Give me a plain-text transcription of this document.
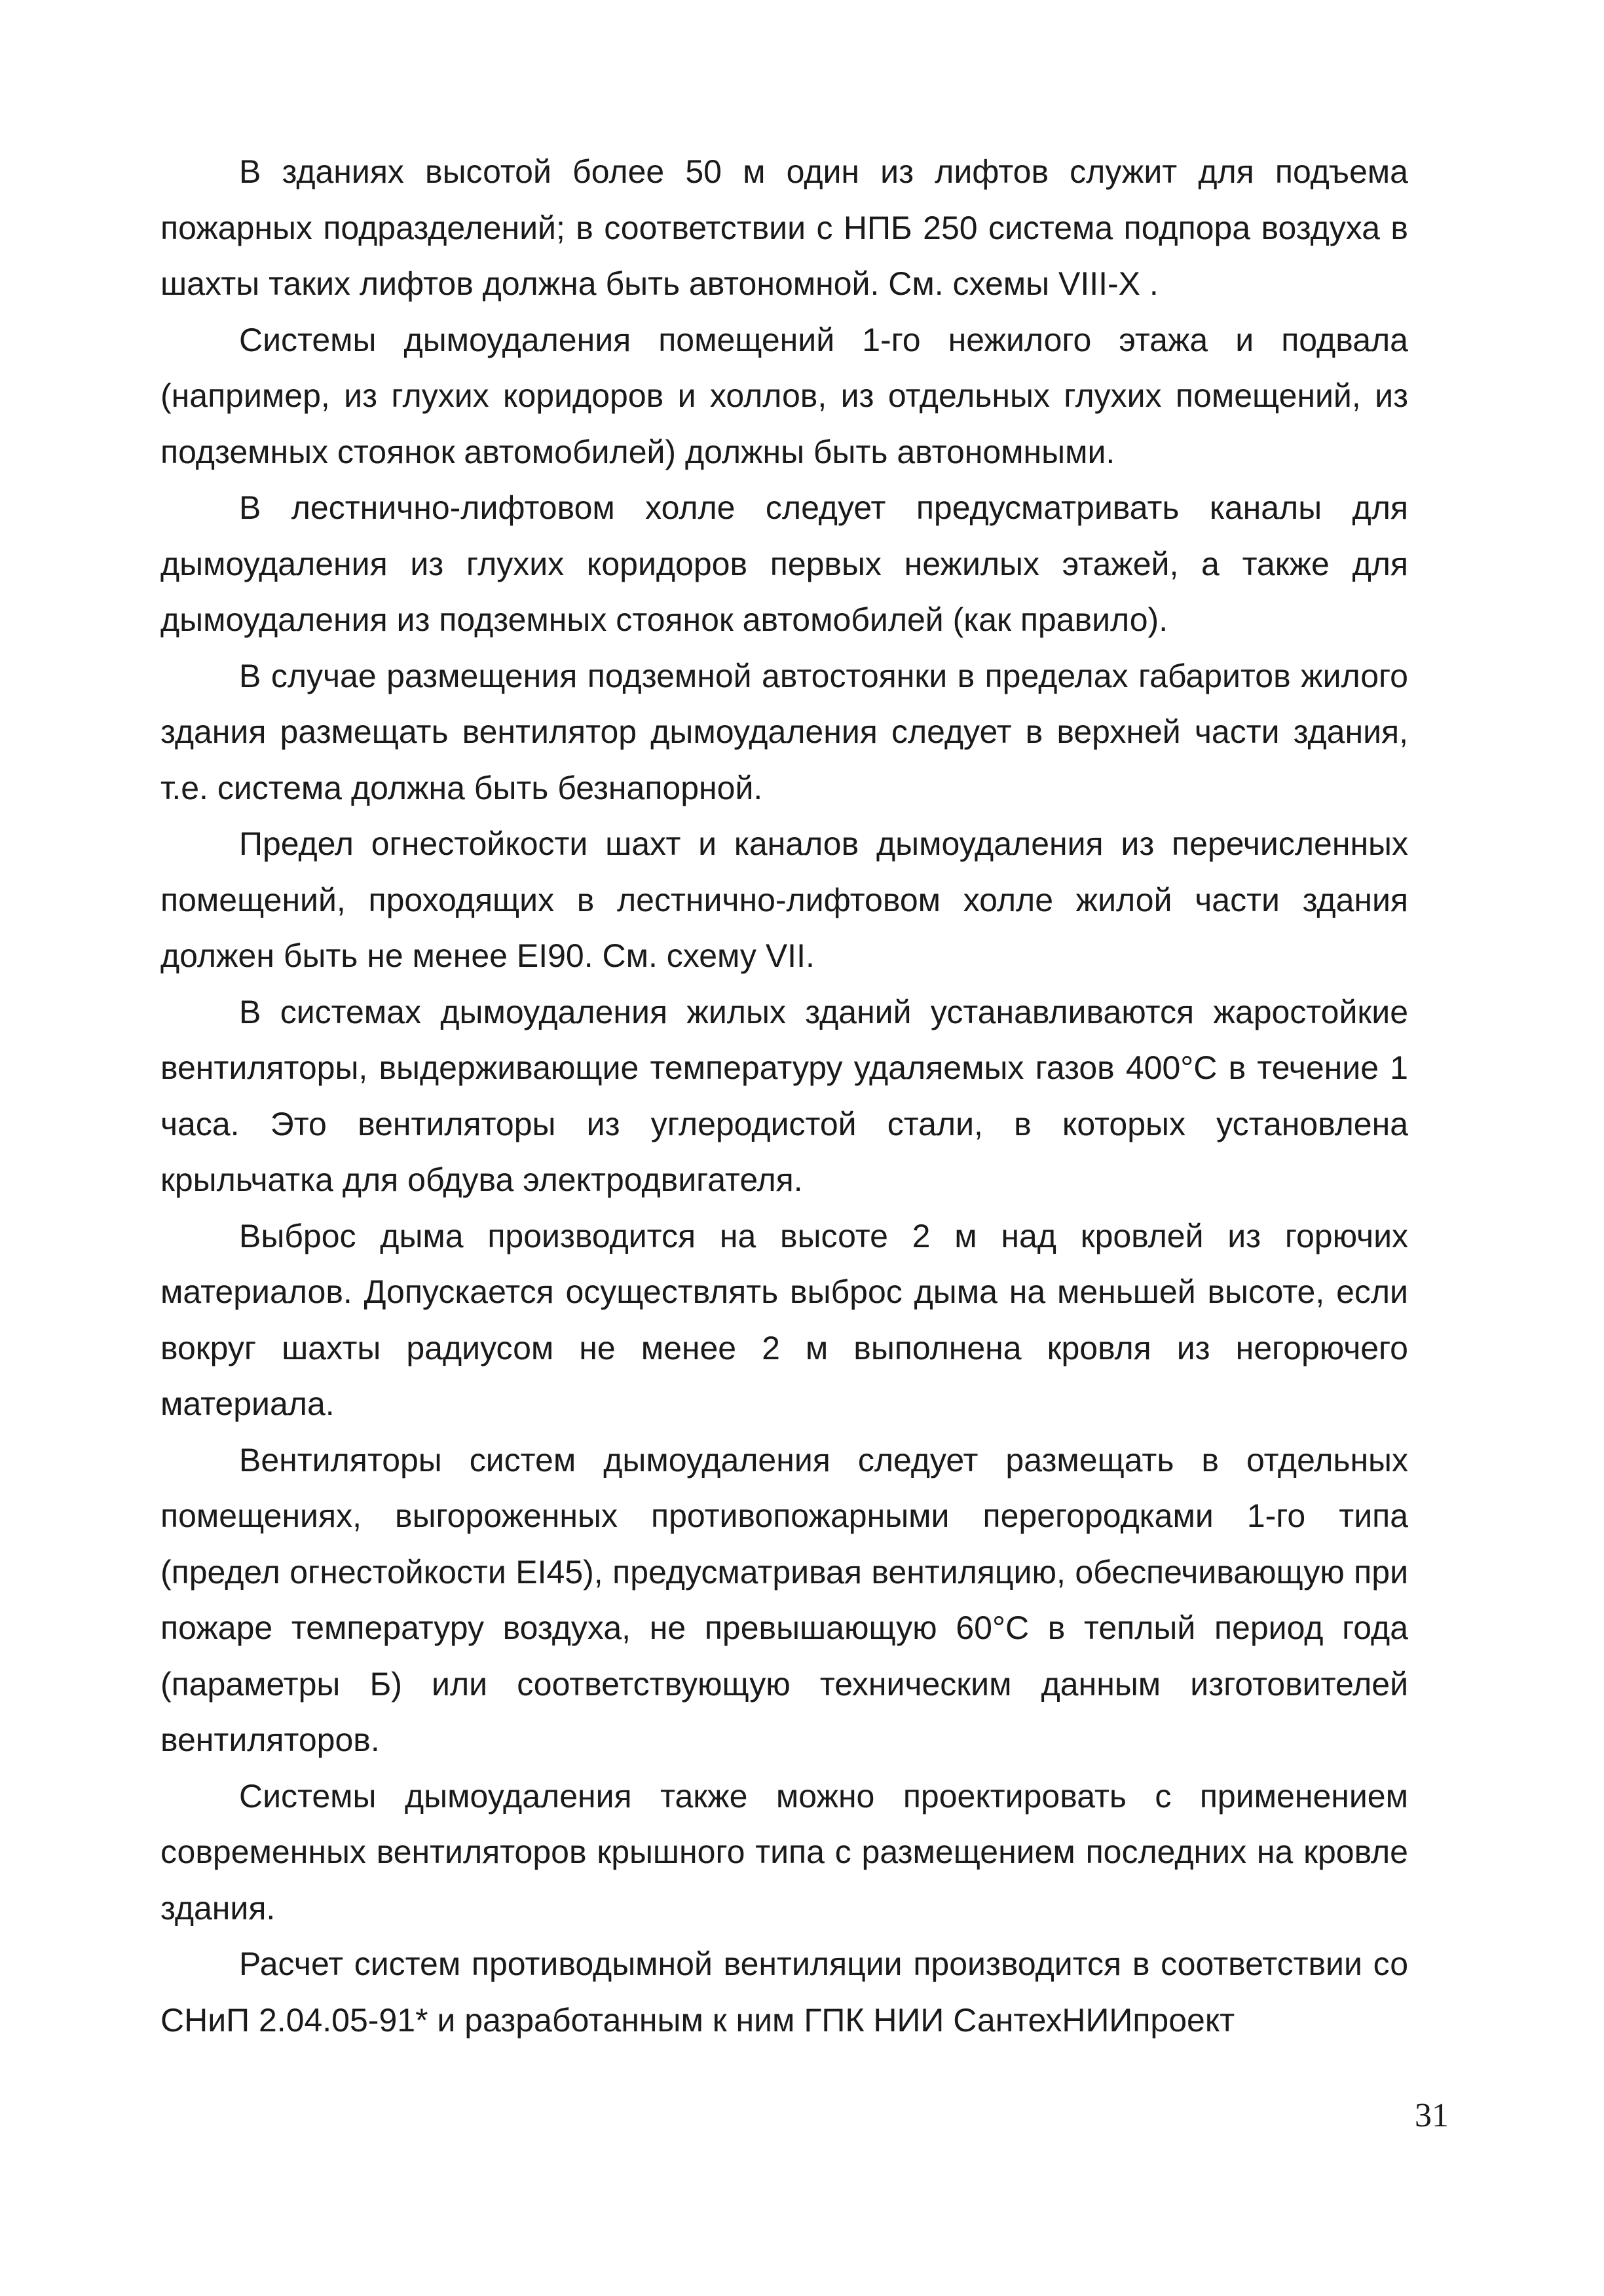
В зданиях высотой более 50 м один из лифтов служит для подъема пожарных подразделений; в соответствии с НПБ 250 система подпора воздуха в шахты таких лифтов должна быть автономной. См. схемы VIII-X .

Системы дымоудаления помещений 1-го нежилого этажа и подвала (например, из глухих коридоров и холлов, из отдельных глухих помещений, из подземных стоянок автомобилей) должны быть автономными.

В лестнично-лифтовом холле следует предусматривать каналы для дымоудаления из глухих коридоров первых нежилых этажей, а также для дымоудаления из подземных стоянок автомобилей (как правило).

В случае размещения подземной автостоянки в пределах габаритов жилого здания размещать вентилятор дымоудаления следует в верхней части здания, т.е. система должна быть безнапорной.

Предел огнестойкости шахт и каналов дымоудаления из перечисленных помещений, проходящих в лестнично-лифтовом холле жилой части здания должен быть не менее EI90. См. схему VII.

В системах дымоудаления жилых зданий устанавливаются жаростойкие вентиляторы, выдерживающие температуру удаляемых газов 400°С в течение 1 часа. Это вентиляторы из углеродистой стали, в которых установлена крыльчатка для обдува электродвигателя.

Выброс дыма производится на высоте 2 м над кровлей из горючих материалов. Допускается осуществлять выброс дыма на меньшей высоте, если вокруг шахты радиусом не менее 2 м выполнена кровля из негорючего материала.

Вентиляторы систем дымоудаления следует размещать в отдельных помещениях, выгороженных противопожарными перегородками 1-го типа (предел огнестойкости EI45), предусматривая вентиляцию, обеспечивающую при пожаре температуру воздуха, не превышающую 60°С в теплый период года (параметры Б) или соответствующую техническим данным изготовителей вентиляторов.

Системы дымоудаления также можно проектировать с применением современных вентиляторов крышного типа с размещением последних на кровле здания.

Расчет систем противодымной вентиляции производится в соответствии со СНиП 2.04.05-91* и разработанным к ним ГПК НИИ СантехНИИпроект

31
